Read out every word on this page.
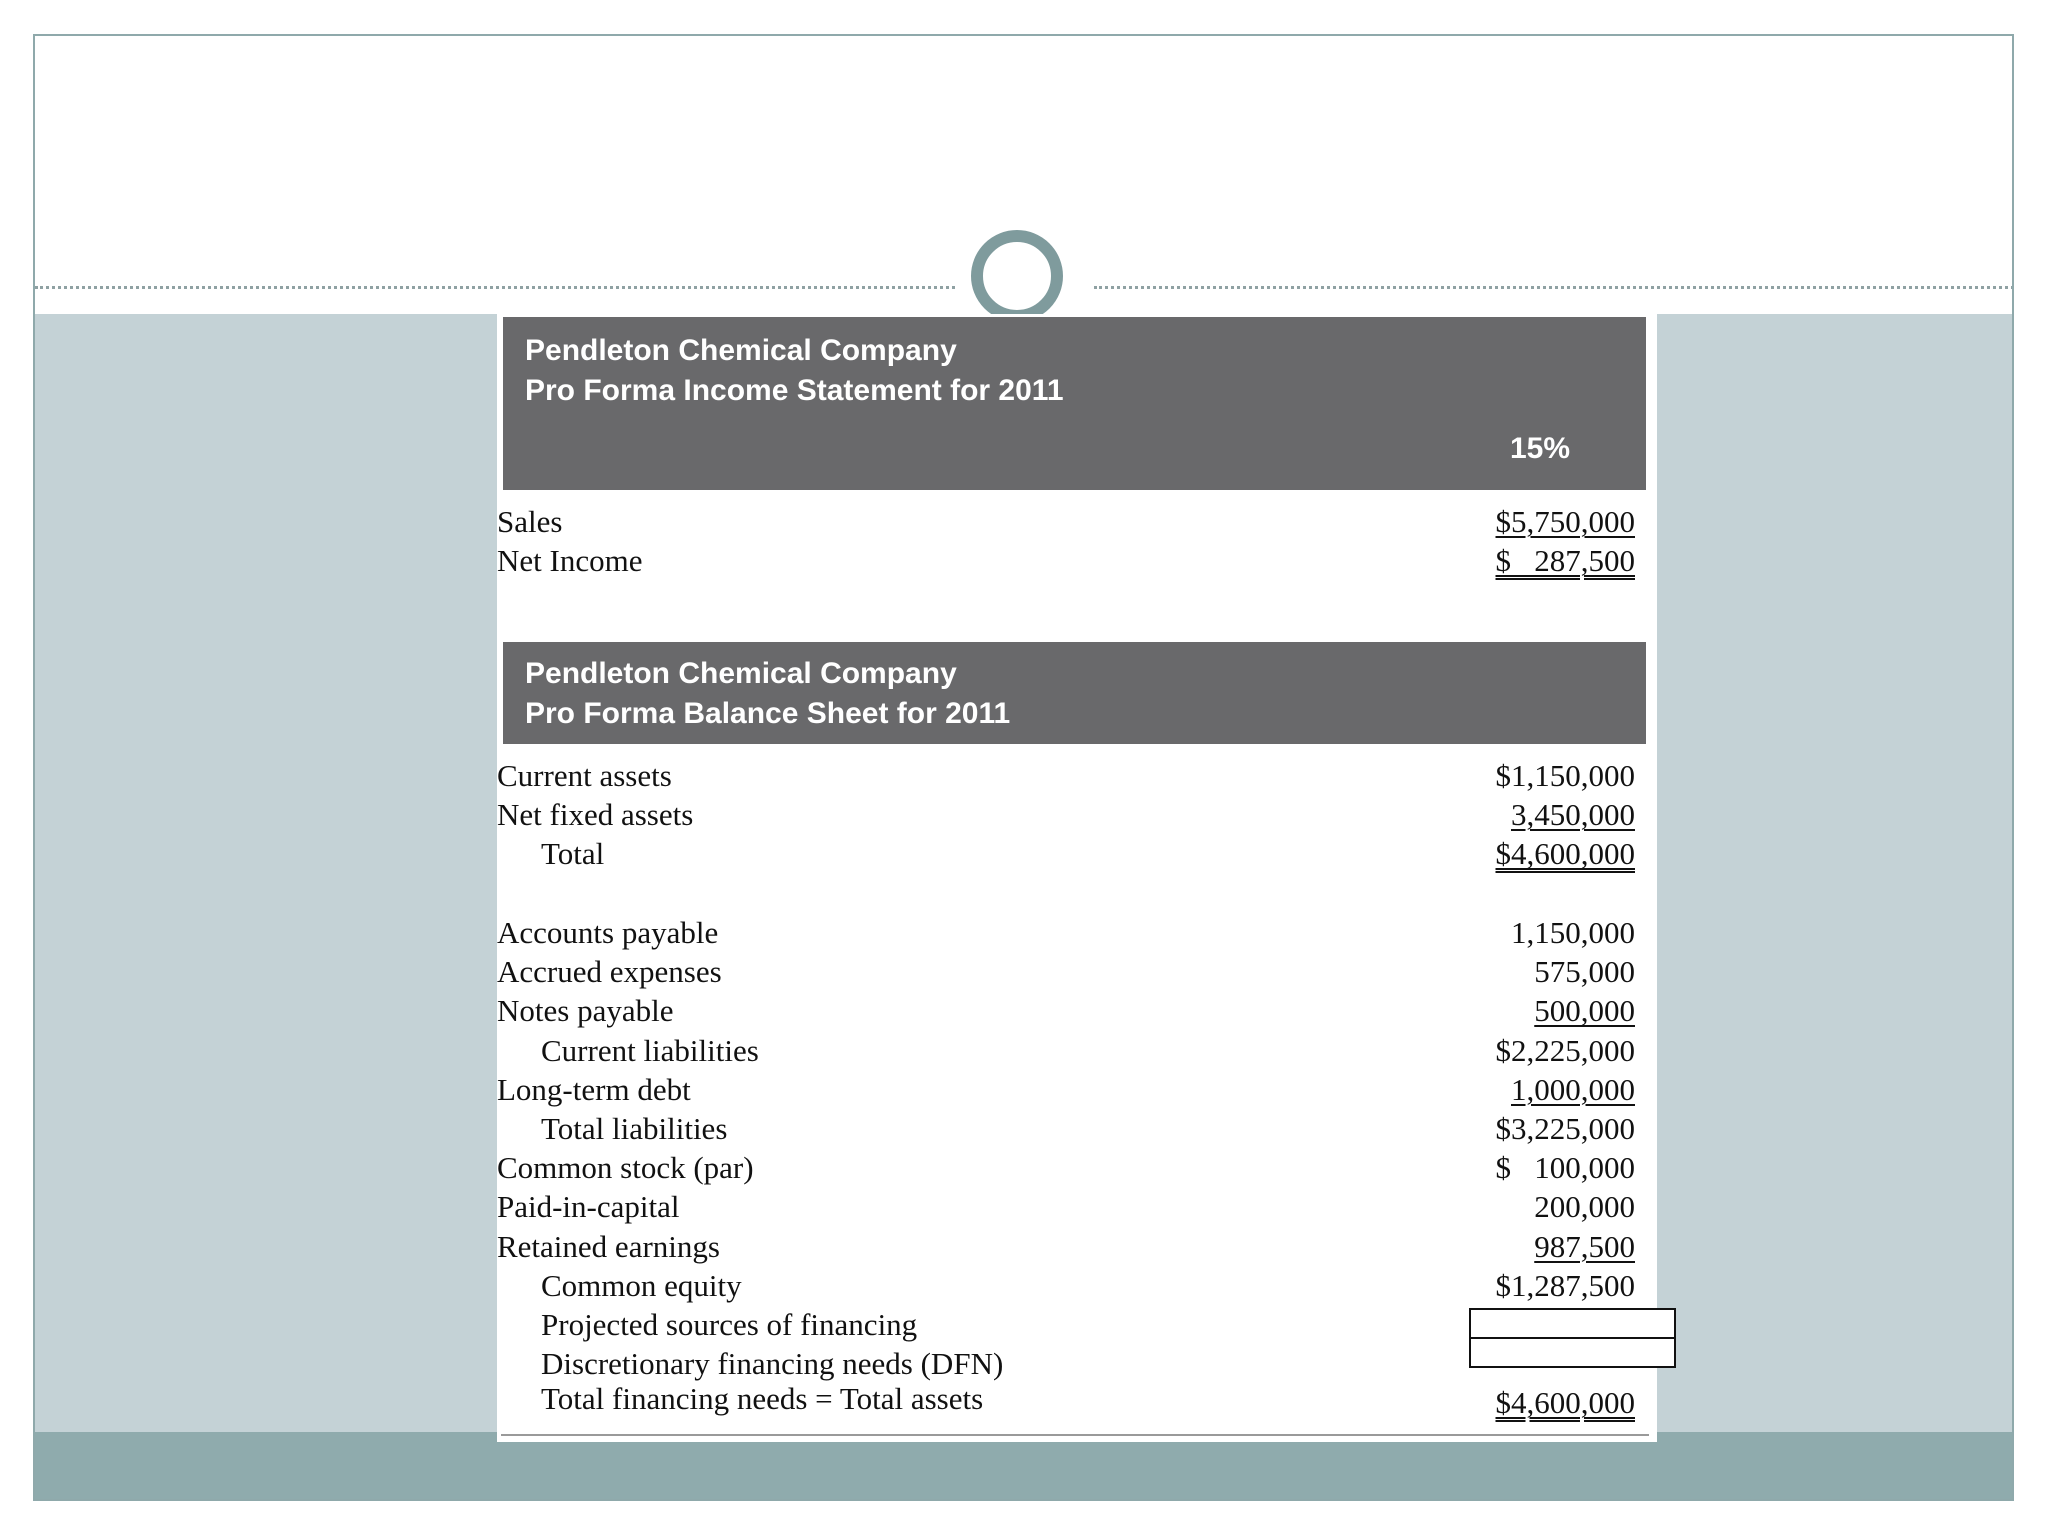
Pendleton Chemical Company
Pro Forma Income Statement for 2011
15%
Sales	$5,750,000
Net Income	$   287,500
Pendleton Chemical Company
Pro Forma Balance Sheet for 2011
Current assets	$1,150,000
Net fixed assets	3,450,000
Total	$4,600,000
Accounts payable	1,150,000
Accrued expenses	575,000
Notes payable	500,000
Current liabilities	$2,225,000
Long-term debt	1,000,000
Total liabilities	$3,225,000
Common stock (par)	$   100,000
Paid-in-capital	200,000
Retained earnings	987,500
Common equity	$1,287,500
Projected sources of financing
Discretionary financing needs (DFN)
Total financing needs = Total assets	$4,600,000
